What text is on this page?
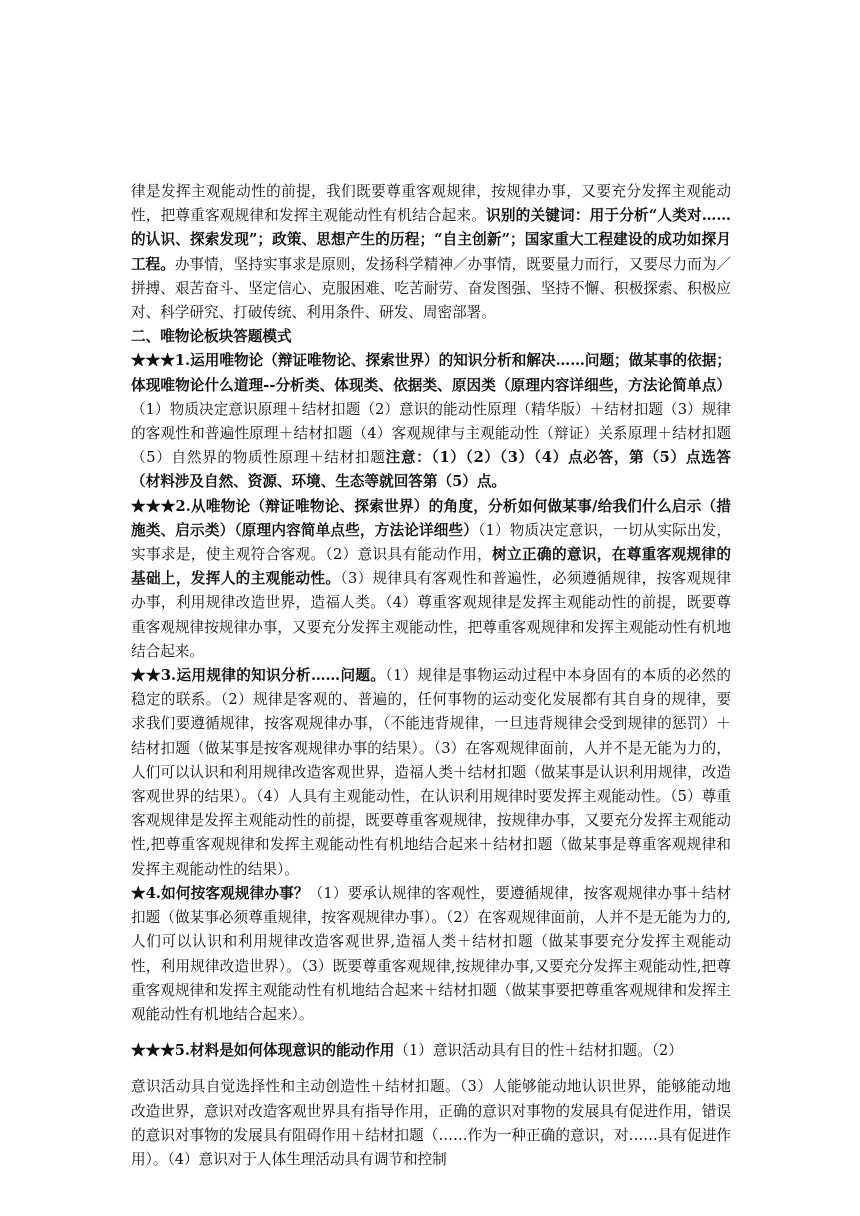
律是发挥主观能动性的前提，我们既要尊重客观规律，按规律办事，又要充分发挥主观能动性，把尊重客观规律和发挥主观能动性有机结合起来。识别的关键词：用于分析“人类对……的认识、探索发现”；政策、思想产生的历程；“自主创新”；国家重大工程建设的成功如探月工程。办事情，坚持实事求是原则，发扬科学精神／办事情，既要量力而行，又要尽力而为／拼搏、艰苦奋斗、坚定信心、克服困难、吃苦耐劳、奋发图强、坚持不懈、积极探索、积极应对、科学研究、打破传统、利用条件、研发、周密部署。

二、唯物论板块答题模式

★★★1.运用唯物论（辩证唯物论、探索世界）的知识分析和解决……问题；做某事的依据；体现唯物论什么道理--分析类、体现类、依据类、原因类（原理内容详细些，方法论简单点）（1）物质决定意识原理＋结材扣题（2）意识的能动性原理（精华版）＋结材扣题（3）规律的客观性和普遍性原理＋结材扣题（4）客观规律与主观能动性（辩证）关系原理＋结材扣题（5）自然界的物质性原理＋结材扣题注意：（1）（2）（3）（4）点必答，第（5）点选答（材料涉及自然、资源、环境、生态等就回答第（5）点。

★★★2.从唯物论（辩证唯物论、探索世界）的角度，分析如何做某事/给我们什么启示（措施类、启示类）（原理内容简单点些，方法论详细些）（1）物质决定意识，一切从实际出发，实事求是，使主观符合客观。（2）意识具有能动作用，树立正确的意识，在尊重客观规律的基础上，发挥人的主观能动性。（3）规律具有客观性和普遍性，必须遵循规律，按客观规律办事，利用规律改造世界，造福人类。（4）尊重客观规律是发挥主观能动性的前提，既要尊重客观规律按规律办事，又要充分发挥主观能动性，把尊重客观规律和发挥主观能动性有机地结合起来。

★★3.运用规律的知识分析……问题。（1）规律是事物运动过程中本身固有的本质的必然的稳定的联系。（2）规律是客观的、普遍的，任何事物的运动变化发展都有其自身的规律，要求我们要遵循规律，按客观规律办事，（不能违背规律，一旦违背规律会受到规律的惩罚）＋结材扣题（做某事是按客观规律办事的结果）。（3）在客观规律面前，人并不是无能为力的，人们可以认识和利用规律改造客观世界，造福人类＋结材扣题（做某事是认识利用规律，改造客观世界的结果）。（4）人具有主观能动性，在认识利用规律时要发挥主观能动性。（5）尊重客观规律是发挥主观能动性的前提，既要尊重客观规律，按规律办事，又要充分发挥主观能动性,把尊重客观规律和发挥主观能动性有机地结合起来＋结材扣题（做某事是尊重客观规律和发挥主观能动性的结果）。

★4.如何按客观规律办事？（1）要承认规律的客观性，要遵循规律，按客观规律办事＋结材扣题（做某事必须尊重规律，按客观规律办事）。（2）在客观规律面前，人并不是无能为力的,人们可以认识和利用规律改造客观世界,造福人类＋结材扣题（做某事要充分发挥主观能动性，利用规律改造世界）。（3）既要尊重客观规律,按规律办事,又要充分发挥主观能动性,把尊重客观规律和发挥主观能动性有机地结合起来＋结材扣题（做某事要把尊重客观规律和发挥主观能动性有机地结合起来）。

★★★5.材料是如何体现意识的能动作用（1）意识活动具有目的性＋结材扣题。（2）

意识活动具自觉选择性和主动创造性＋结材扣题。（3）人能够能动地认识世界，能够能动地改造世界，意识对改造客观世界具有指导作用，正确的意识对事物的发展具有促进作用，错误的意识对事物的发展具有阻碍作用＋结材扣题（……作为一种正确的意识，对……具有促进作用）。（4）意识对于人体生理活动具有调节和控制
